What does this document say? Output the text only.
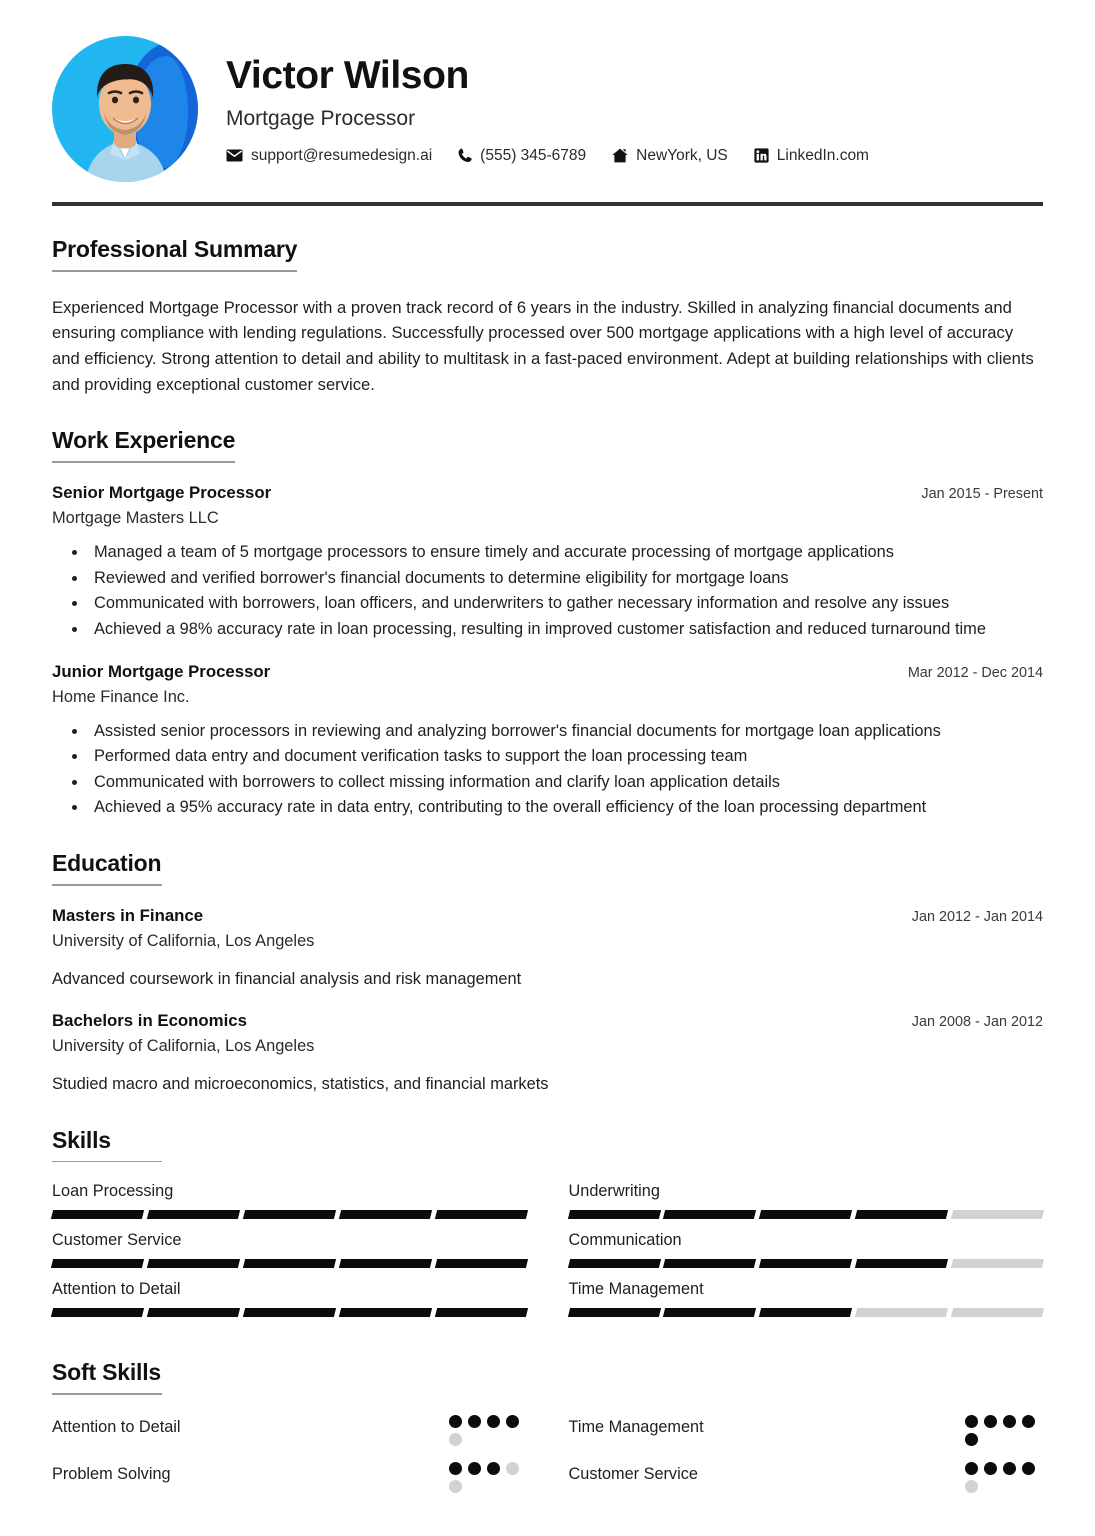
Victor Wilson
Mortgage Processor
support@resumedesign.ai	(555) 345-6789	NewYork, US	LinkedIn.com
Professional Summary
Experienced Mortgage Processor with a proven track record of 6 years in the industry. Skilled in analyzing financial documents and ensuring compliance with lending regulations. Successfully processed over 500 mortgage applications with a high level of accuracy and efficiency. Strong attention to detail and ability to multitask in a fast-paced environment. Adept at building relationships with clients and providing exceptional customer service.
Work Experience
Senior Mortgage Processor	Jan 2015 - Present
Mortgage Masters LLC
• Managed a team of 5 mortgage processors to ensure timely and accurate processing of mortgage applications
• Reviewed and verified borrower's financial documents to determine eligibility for mortgage loans
• Communicated with borrowers, loan officers, and underwriters to gather necessary information and resolve any issues
• Achieved a 98% accuracy rate in loan processing, resulting in improved customer satisfaction and reduced turnaround time
Junior Mortgage Processor	Mar 2012 - Dec 2014
Home Finance Inc.
• Assisted senior processors in reviewing and analyzing borrower's financial documents for mortgage loan applications
• Performed data entry and document verification tasks to support the loan processing team
• Communicated with borrowers to collect missing information and clarify loan application details
• Achieved a 95% accuracy rate in data entry, contributing to the overall efficiency of the loan processing department
Education
Masters in Finance	Jan 2012 - Jan 2014
University of California, Los Angeles
Advanced coursework in financial analysis and risk management
Bachelors in Economics	Jan 2008 - Jan 2012
University of California, Los Angeles
Studied macro and microeconomics, statistics, and financial markets
Skills
Loan Processing	Underwriting
Customer Service	Communication
Attention to Detail	Time Management
Soft Skills
Attention to Detail	Time Management
Problem Solving	Customer Service
